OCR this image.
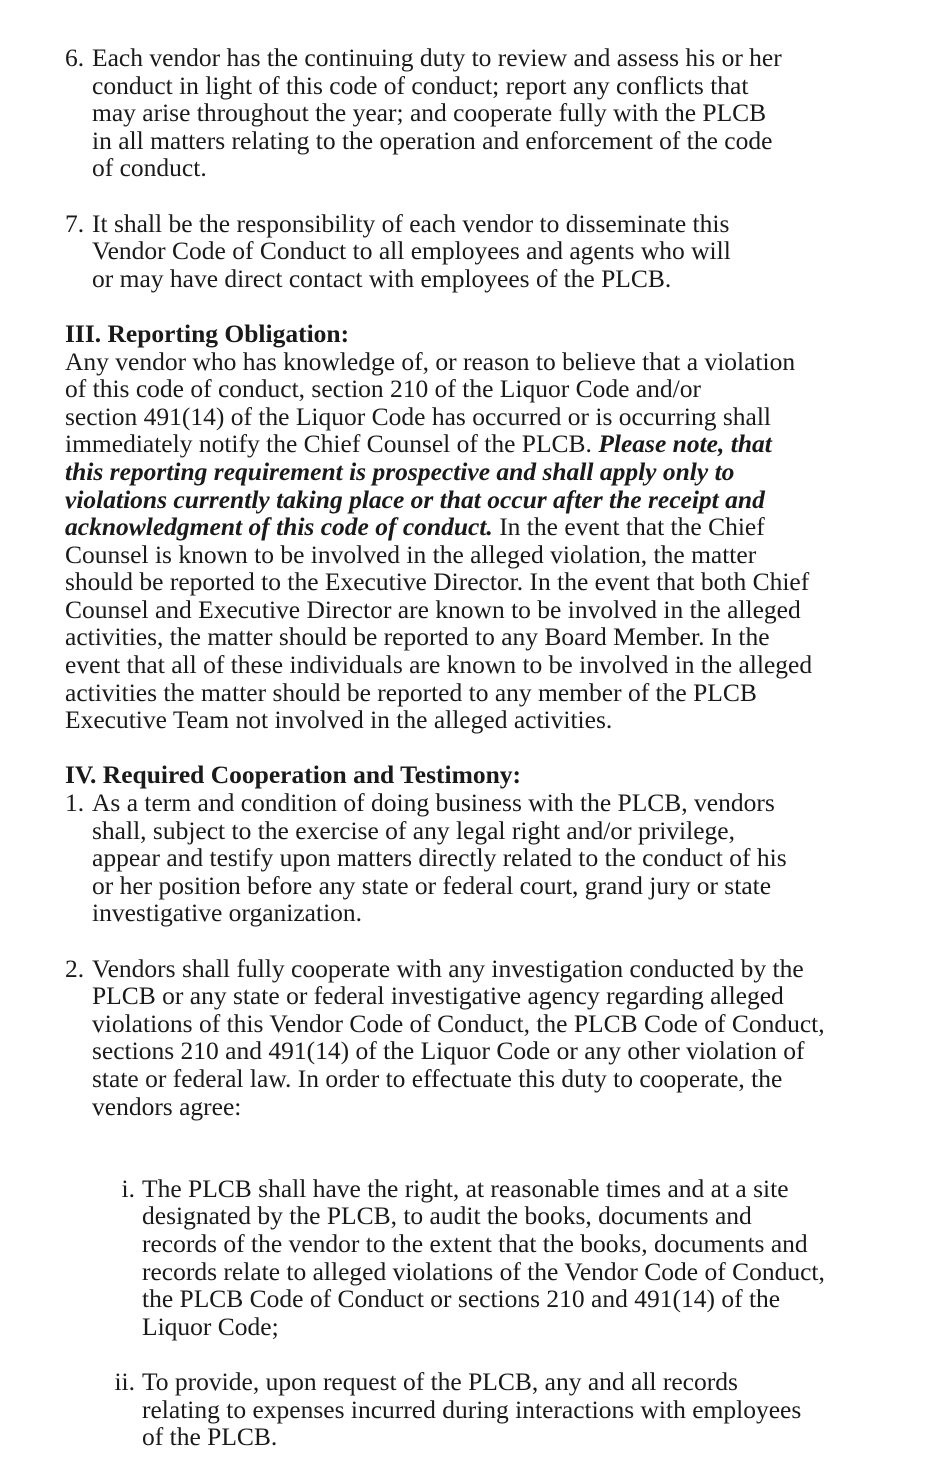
6. Each vendor has the continuing duty to review and assess his or her
conduct in light of this code of conduct; report any conflicts that
may arise throughout the year; and cooperate fully with the PLCB
in all matters relating to the operation and enforcement of the code
of conduct.
7. It shall be the responsibility of each vendor to disseminate this
Vendor Code of Conduct to all employees and agents who will
or may have direct contact with employees of the PLCB.
III. Reporting Obligation:
Any vendor who has knowledge of, or reason to believe that a violation
of this code of conduct, section 210 of the Liquor Code and/or
section 491(14) of the Liquor Code has occurred or is occurring shall
immediately notify the Chief Counsel of the PLCB. Please note, that
this reporting requirement is prospective and shall apply only to
violations currently taking place or that occur after the receipt and
acknowledgment of this code of conduct. In the event that the Chief
Counsel is known to be involved in the alleged violation, the matter
should be reported to the Executive Director. In the event that both Chief
Counsel and Executive Director are known to be involved in the alleged
activities, the matter should be reported to any Board Member. In the
event that all of these individuals are known to be involved in the alleged
activities the matter should be reported to any member of the PLCB
Executive Team not involved in the alleged activities.
IV. Required Cooperation and Testimony:
1. As a term and condition of doing business with the PLCB, vendors
shall, subject to the exercise of any legal right and/or privilege,
appear and testify upon matters directly related to the conduct of his
or her position before any state or federal court, grand jury or state
investigative organization.
2. Vendors shall fully cooperate with any investigation conducted by the
PLCB or any state or federal investigative agency regarding alleged
violations of this Vendor Code of Conduct, the PLCB Code of Conduct,
sections 210 and 491(14) of the Liquor Code or any other violation of
state or federal law. In order to effectuate this duty to cooperate, the
vendors agree:
i. The PLCB shall have the right, at reasonable times and at a site
designated by the PLCB, to audit the books, documents and
records of the vendor to the extent that the books, documents and
records relate to alleged violations of the Vendor Code of Conduct,
the PLCB Code of Conduct or sections 210 and 491(14) of the
Liquor Code;
ii. To provide, upon request of the PLCB, any and all records
relating to expenses incurred during interactions with employees
of the PLCB.
